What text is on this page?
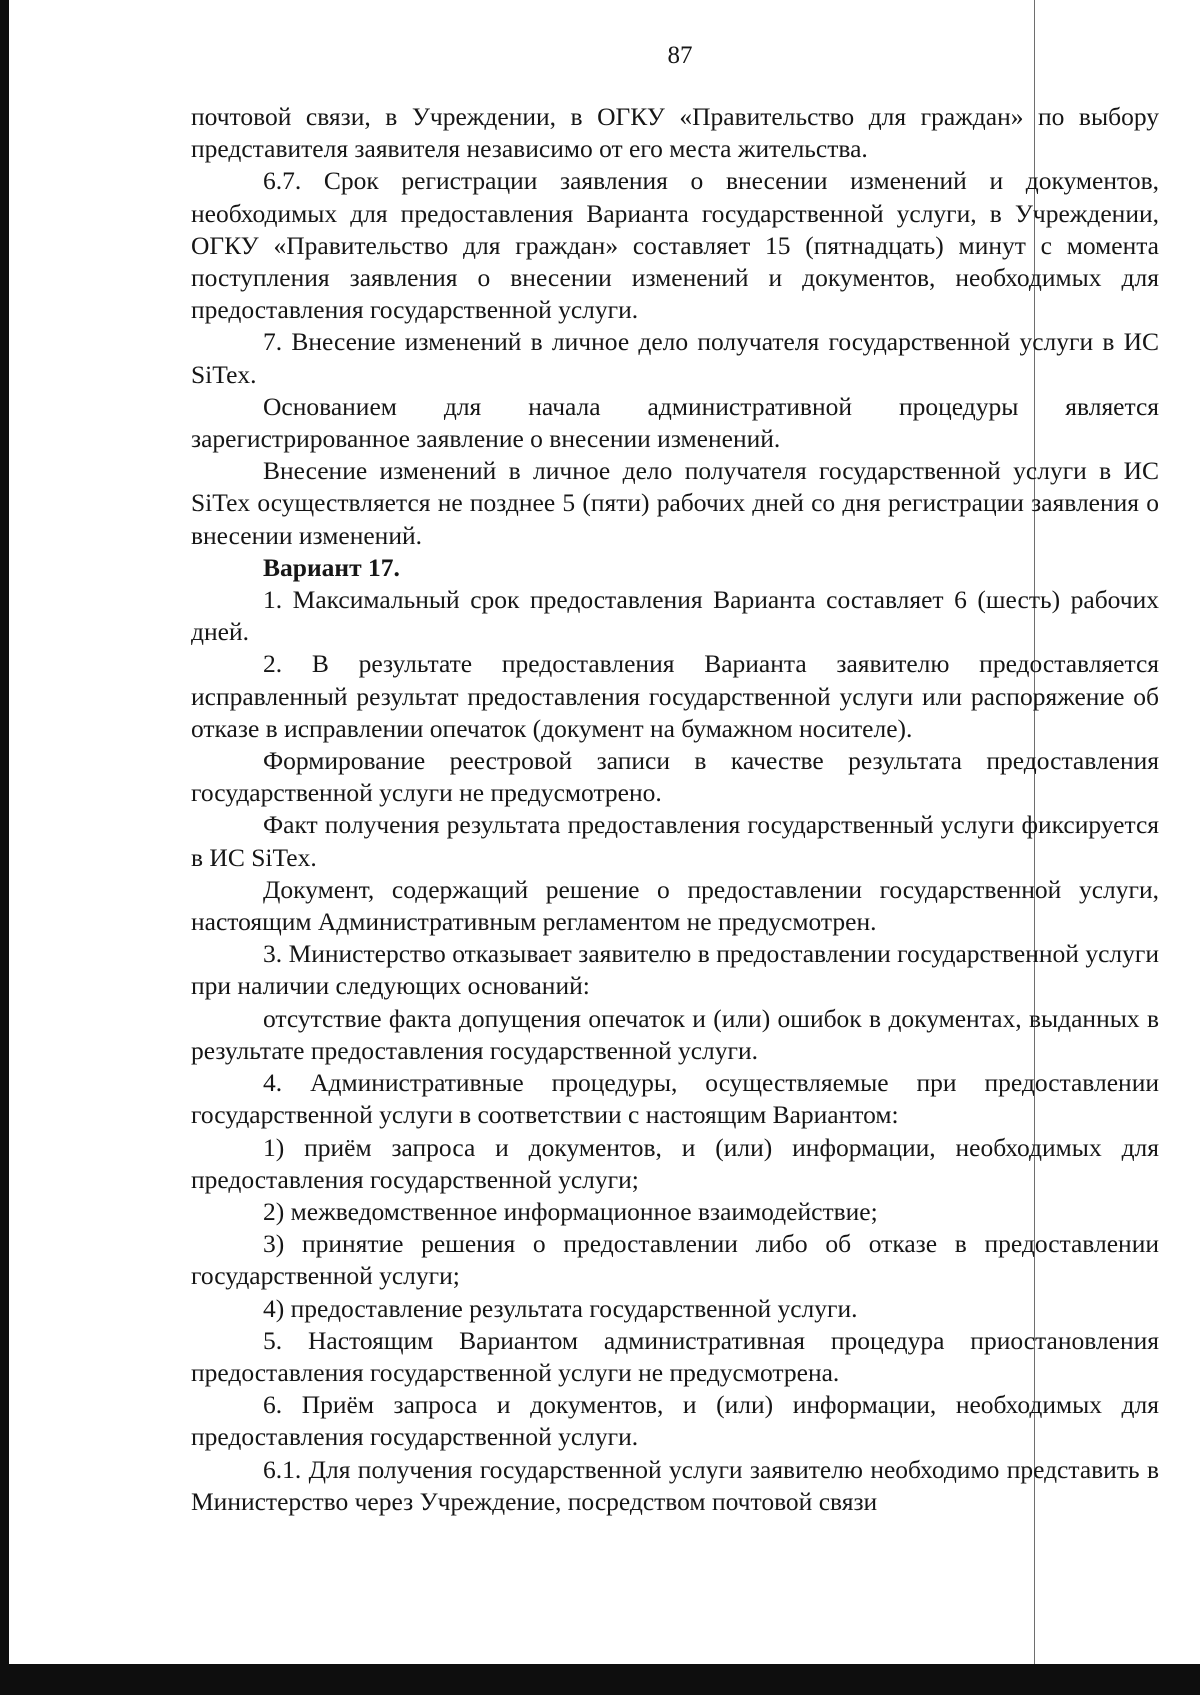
87

почтовой связи, в Учреждении, в ОГКУ «Правительство для граждан» по выбору представителя заявителя независимо от его места жительства.

6.7. Срок регистрации заявления о внесении изменений и документов, необходимых для предоставления Варианта государственной услуги, в Учреждении, ОГКУ «Правительство для граждан» составляет 15 (пятнадцать) минут с момента поступления заявления о внесении изменений и документов, необходимых для предоставления государственной услуги.

7. Внесение изменений в личное дело получателя государственной услуги в ИС SiTex.

Основанием для начала административной процедуры является зарегистрированное заявление о внесении изменений.

Внесение изменений в личное дело получателя государственной услуги в ИС SiTex осуществляется не позднее 5 (пяти) рабочих дней со дня регистрации заявления о внесении изменений.

Вариант 17.

1. Максимальный срок предоставления Варианта составляет 6 (шесть) рабочих дней.

2. В результате предоставления Варианта заявителю предоставляется исправленный результат предоставления государственной услуги или распоряжение об отказе в исправлении опечаток (документ на бумажном носителе).

Формирование реестровой записи в качестве результата предоставления государственной услуги не предусмотрено.

Факт получения результата предоставления государственный услуги фиксируется в ИС SiTex.

Документ, содержащий решение о предоставлении государственной услуги, настоящим Административным регламентом не предусмотрен.

3. Министерство отказывает заявителю в предоставлении государственной услуги при наличии следующих оснований:

отсутствие факта допущения опечаток и (или) ошибок в документах, выданных в результате предоставления государственной услуги.

4. Административные процедуры, осуществляемые при предоставлении государственной услуги в соответствии с настоящим Вариантом:

1) приём запроса и документов, и (или) информации, необходимых для предоставления государственной услуги;

2) межведомственное информационное взаимодействие;

3) принятие решения о предоставлении либо об отказе в предоставлении государственной услуги;

4) предоставление результата государственной услуги.

5. Настоящим Вариантом административная процедура приостановления предоставления государственной услуги не предусмотрена.

6. Приём запроса и документов, и (или) информации, необходимых для предоставления государственной услуги.

6.1. Для получения государственной услуги заявителю необходимо представить в Министерство через Учреждение, посредством почтовой связи
